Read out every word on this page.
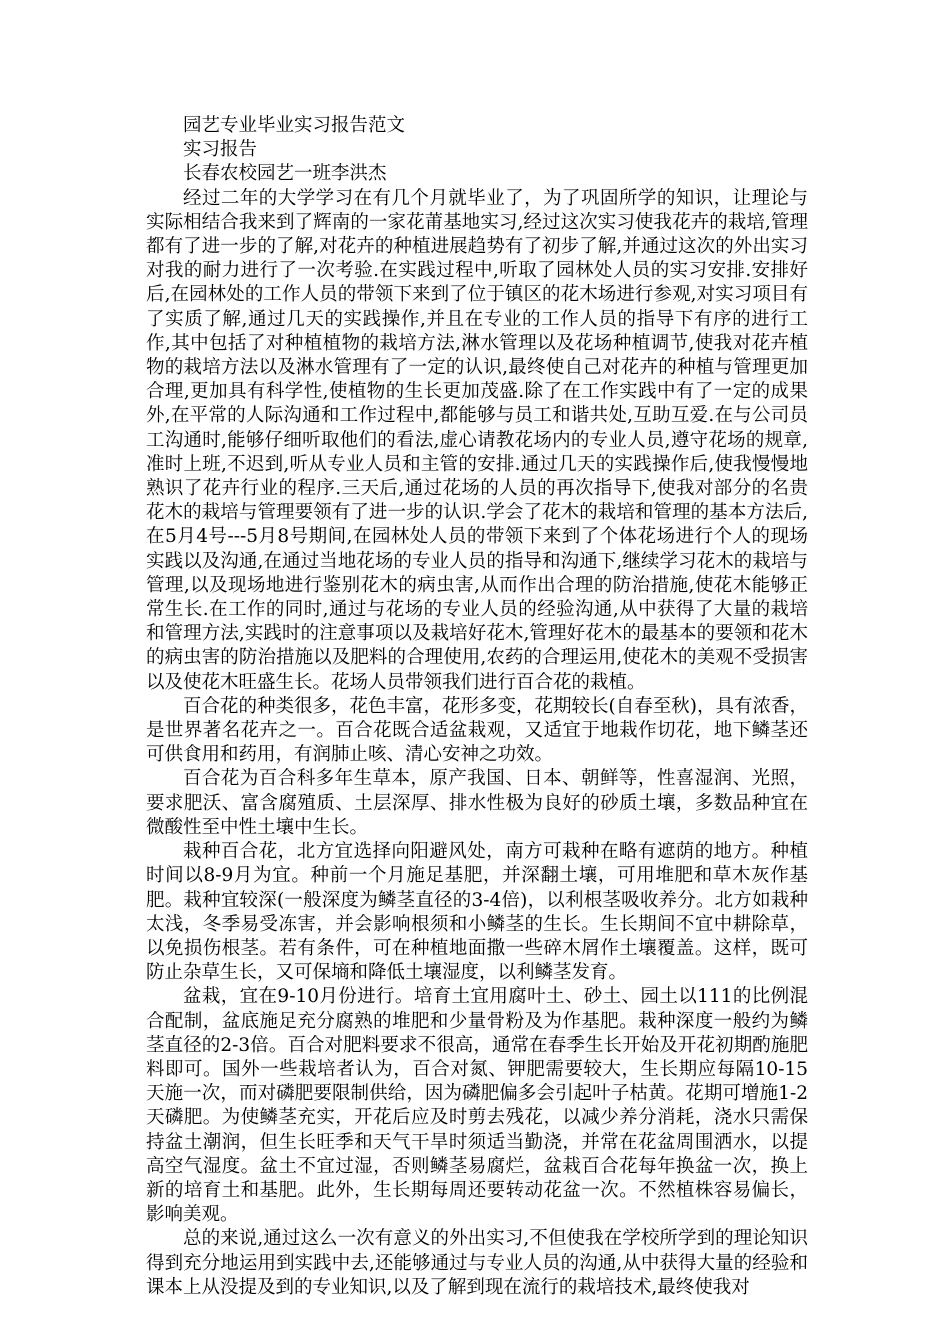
园艺专业毕业实习报告范文

实习报告

长春农校园艺一班李洪杰

经过二年的大学学习在有几个月就毕业了，为了巩固所学的知识，让理论与实际相结合我来到了辉南的一家花莆基地实习,经过这次实习使我花卉的栽培,管理都有了进一步的了解,对花卉的种植进展趋势有了初步了解,并通过这次的外出实习对我的耐力进行了一次考验.在实践过程中,听取了园林处人员的实习安排.安排好后,在园林处的工作人员的带领下来到了位于镇区的花木场进行参观,对实习项目有了实质了解,通过几天的实践操作,并且在专业的工作人员的指导下有序的进行工作,其中包括了对种植植物的栽培方法,淋水管理以及花场种植调节,使我对花卉植物的栽培方法以及淋水管理有了一定的认识,最终使自己对花卉的种植与管理更加合理,更加具有科学性,使植物的生长更加茂盛.除了在工作实践中有了一定的成果外,在平常的人际沟通和工作过程中,都能够与员工和谐共处,互助互爱.在与公司员工沟通时,能够仔细听取他们的看法,虚心请教花场内的专业人员,遵守花场的规章,准时上班,不迟到,听从专业人员和主管的安排.通过几天的实践操作后,使我慢慢地熟识了花卉行业的程序.三天后,通过花场的人员的再次指导下,使我对部分的名贵花木的栽培与管理要领有了进一步的认识.学会了花木的栽培和管理的基本方法后,在5月4号---5月8号期间,在园林处人员的带领下来到了个体花场进行个人的现场实践以及沟通,在通过当地花场的专业人员的指导和沟通下,继续学习花木的栽培与管理,以及现场地进行鉴别花木的病虫害,从而作出合理的防治措施,使花木能够正常生长.在工作的同时,通过与花场的专业人员的经验沟通,从中获得了大量的栽培和管理方法,实践时的注意事项以及栽培好花木,管理好花木的最基本的要领和花木的病虫害的防治措施以及肥料的合理使用,农药的合理运用,使花木的美观不受损害以及使花木旺盛生长。花场人员带领我们进行百合花的栽植。

百合花的种类很多，花色丰富，花形多变，花期较长(自春至秋)，具有浓香，是世界著名花卉之一。百合花既合适盆栽观，又适宜于地栽作切花，地下鳞茎还可供食用和药用，有润肺止咳、清心安神之功效。

百合花为百合科多年生草本，原产我国、日本、朝鲜等，性喜湿润、光照，要求肥沃、富含腐殖质、土层深厚、排水性极为良好的砂质土壤，多数品种宜在微酸性至中性土壤中生长。

栽种百合花，北方宜选择向阳避风处，南方可栽种在略有遮荫的地方。种植时间以8-9月为宜。种前一个月施足基肥，并深翻土壤，可用堆肥和草木灰作基肥。栽种宜较深(一般深度为鳞茎直径的3-4倍)，以利根茎吸收养分。北方如栽种太浅，冬季易受冻害，并会影响根须和小鳞茎的生长。生长期间不宜中耕除草，以免损伤根茎。若有条件，可在种植地面撒一些碎木屑作土壤覆盖。这样，既可防止杂草生长，又可保墒和降低土壤湿度，以利鳞茎发育。

盆栽，宜在9-10月份进行。培育土宜用腐叶土、砂土、园土以111的比例混合配制，盆底施足充分腐熟的堆肥和少量骨粉及为作基肥。栽种深度一般约为鳞茎直径的2-3倍。百合对肥料要求不很高，通常在春季生长开始及开花初期酌施肥料即可。国外一些栽培者认为，百合对氮、钾肥需要较大，生长期应每隔10-15天施一次，而对磷肥要限制供给，因为磷肥偏多会引起叶子枯黄。花期可增施1-2天磷肥。为使鳞茎充实，开花后应及时剪去残花，以减少养分消耗，浇水只需保持盆土潮润，但生长旺季和天气干旱时须适当勤浇，并常在花盆周围洒水，以提高空气湿度。盆土不宜过湿，否则鳞茎易腐烂，盆栽百合花每年换盆一次，换上新的培育土和基肥。此外，生长期每周还要转动花盆一次。不然植株容易偏长，影响美观。

总的来说,通过这么一次有意义的外出实习,不但使我在学校所学到的理论知识得到充分地运用到实践中去,还能够通过与专业人员的沟通,从中获得大量的经验和课本上从没提及到的专业知识,以及了解到现在流行的栽培技术,最终使我对
